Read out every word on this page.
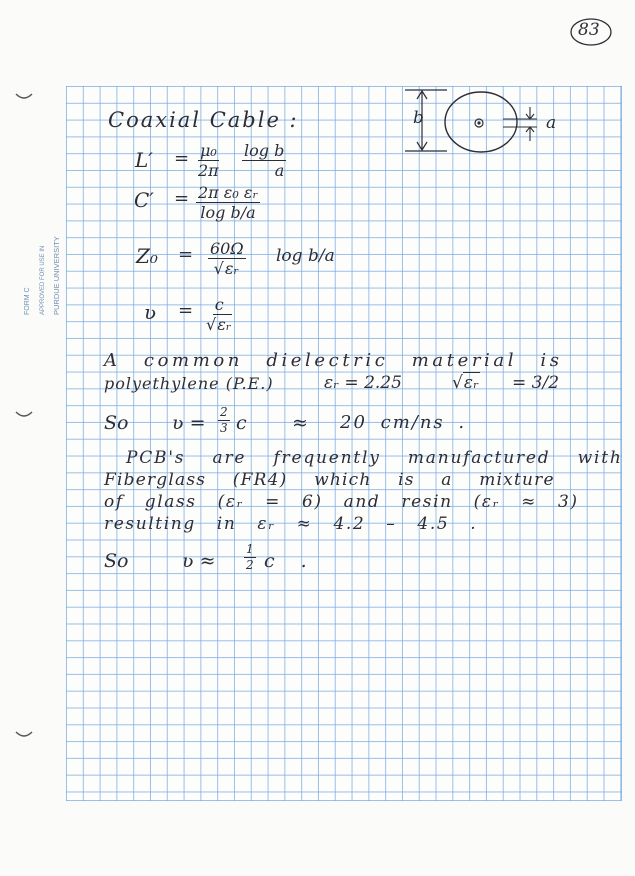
83
FORM C APPROVED FOR USE IN PURDUE UNIVERSITY
Coaxial Cable :	b	a
$L' = \frac{\text{μ₀}}{2\pi} \frac{\text{log b}}{a}$
$C' = \frac{\text{2π ε₀ εᵣ}}{\text{log b/a}}$
$Z_0 = \frac{60\Omega}{\text{√εᵣ}}$ log b/a
ʋ = $\frac{c}{\text{√εᵣ}}$
A common dielectric material is
polyethylene (P.E.)	εᵣ = 2.25	√εᵣ = 3/2
So ʋ = $\frac{2}{3}$ c ≈ 20 cm/ns .
PCB's are frequently manufactured with
Fiberglass (FR4) which is a mixture
of glass (εᵣ = 6) and resin (εᵣ ≈ 3)
resulting in εᵣ ≈ 4.2 – 4.5 .
So	ʋ ≈ $\frac{1}{2}$ c .
